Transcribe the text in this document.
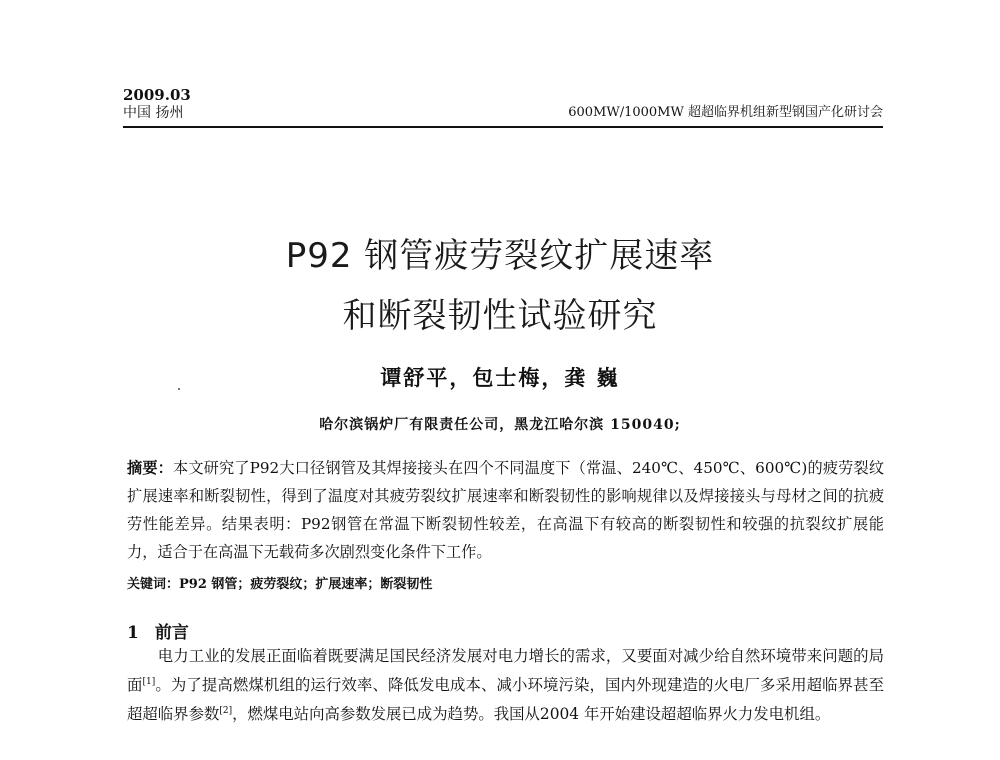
2009.03
中国 扬州	600MW/1000MW 超超临界机组新型钢国产化研讨会
P92 钢管疲劳裂纹扩展速率
和断裂韧性试验研究
谭舒平，包士梅，龚 巍
哈尔滨锅炉厂有限责任公司，黑龙江哈尔滨 150040;
摘要：本文研究了P92大口径钢管及其焊接接头在四个不同温度下（常温、240℃、450℃、600℃)的疲劳裂纹扩展速率和断裂韧性，得到了温度对其疲劳裂纹扩展速率和断裂韧性的影响规律以及焊接接头与母材之间的抗疲劳性能差异。结果表明：P92钢管在常温下断裂韧性较差，在高温下有较高的断裂韧性和较强的抗裂纹扩展能力，适合于在高温下无载荷多次剧烈变化条件下工作。
关键词：P92 钢管；疲劳裂纹；扩展速率；断裂韧性
1 前言

电力工业的发展正面临着既要满足国民经济发展对电力增长的需求，又要面对减少给自然环境带来问题的局面[1]。为了提高燃煤机组的运行效率、降低发电成本、减小环境污染，国内外现建造的火电厂多采用超临界甚至超超临界参数[2]，燃煤电站向高参数发展已成为趋势。我国从2004 年开始建设超超临界火力发电机组。
